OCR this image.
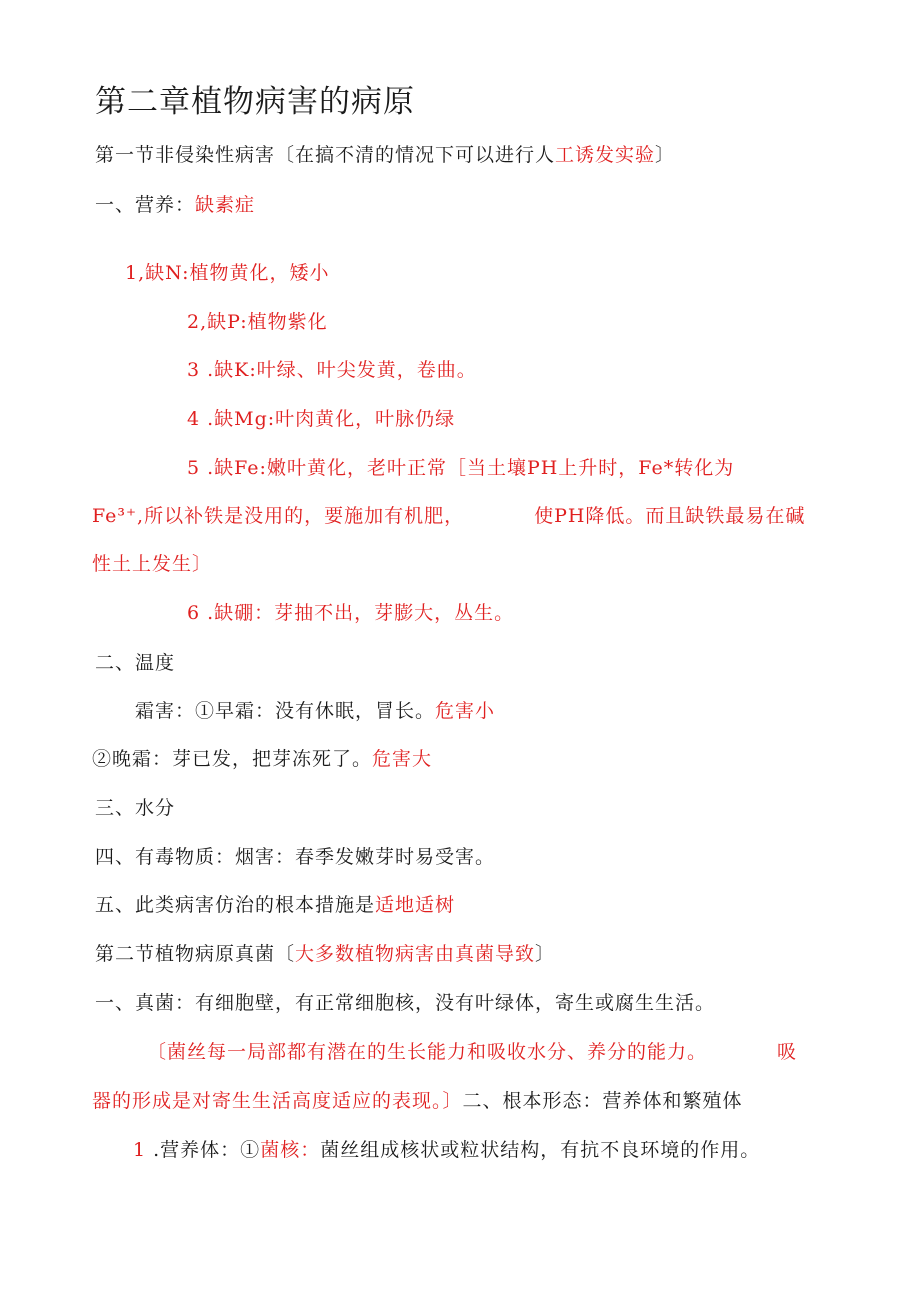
第二章植物病害的病原
第一节非侵染性病害〔在搞不清的情况下可以进行人工诱发实验〕
一、营养：缺素症
1,缺N:植物黄化，矮小
2,缺P:植物紫化
3 .缺K:叶绿、叶尖发黄，卷曲。
4 .缺Mg:叶肉黄化，叶脉仍绿
5 .缺Fe:嫩叶黄化，老叶正常［当土壤PH上升时，Fe*转化为
Fe³⁺,所以补铁是没用的，要施加有机肥，	使PH降低。而且缺铁最易在碱
性土上发生〕
6 .缺硼：芽抽不出，芽膨大，丛生。
二、温度
霜害：①早霜：没有休眠，冒长。危害小
②晚霜：芽已发，把芽冻死了。危害大
三、水分
四、有毒物质：烟害：春季发嫩芽时易受害。
五、此类病害仿治的根本措施是适地适树
第二节植物病原真菌〔大多数植物病害由真菌导致〕
一、真菌：有细胞壁，有正常细胞核，没有叶绿体，寄生或腐生生活。
〔菌丝每一局部都有潜在的生长能力和吸收水分、养分的能力。	吸
器的形成是对寄生生活高度适应的表现。〕二、根本形态：营养体和繁殖体
1 .营养体：①菌核：菌丝组成核状或粒状结构，有抗不良环境的作用。
